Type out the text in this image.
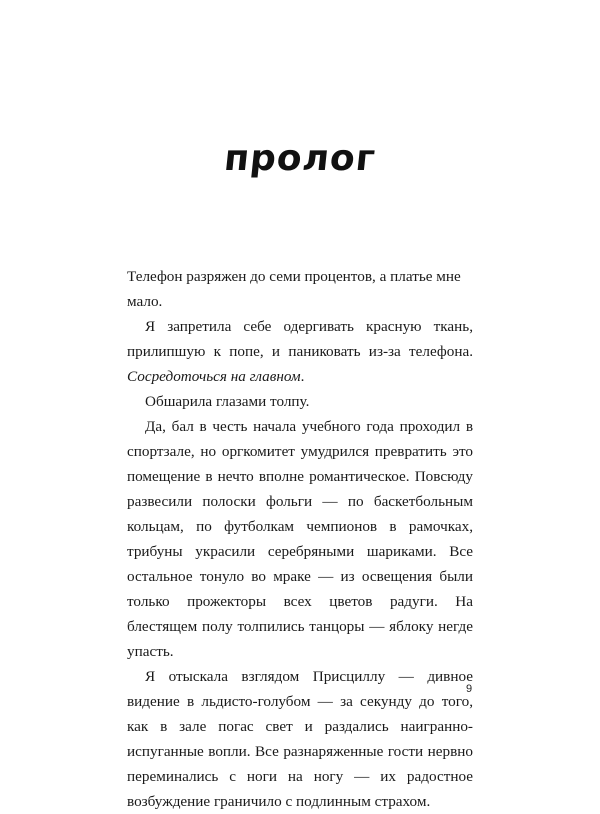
пролог

Телефон разряжен до семи процентов, а платье мне мало.

Я запретила себе одергивать красную ткань, прилипшую к попе, и паниковать из-за телефона. Сосредоточься на главном.

Обшарила глазами толпу.

Да, бал в честь начала учебного года проходил в спортзале, но оргкомитет умудрился превратить это помещение в нечто вполне романтическое. Повсюду развесили полоски фольги — по баскетбольным кольцам, по футболкам чемпионов в рамочках, трибуны украсили серебряными шариками. Все остальное тонуло во мраке — из освещения были только прожекторы всех цветов радуги. На блестящем полу толпились танцоры — яблоку негде упасть.

Я отыскала взглядом Присциллу — дивное видение в льдисто-голубом — за секунду до того, как в зале погас свет и раздались наигранно-испуганные вопли. Все разнаряженные гости нервно переминались с ноги на ногу — их радостное возбуждение граничило с подлинным страхом.

9
